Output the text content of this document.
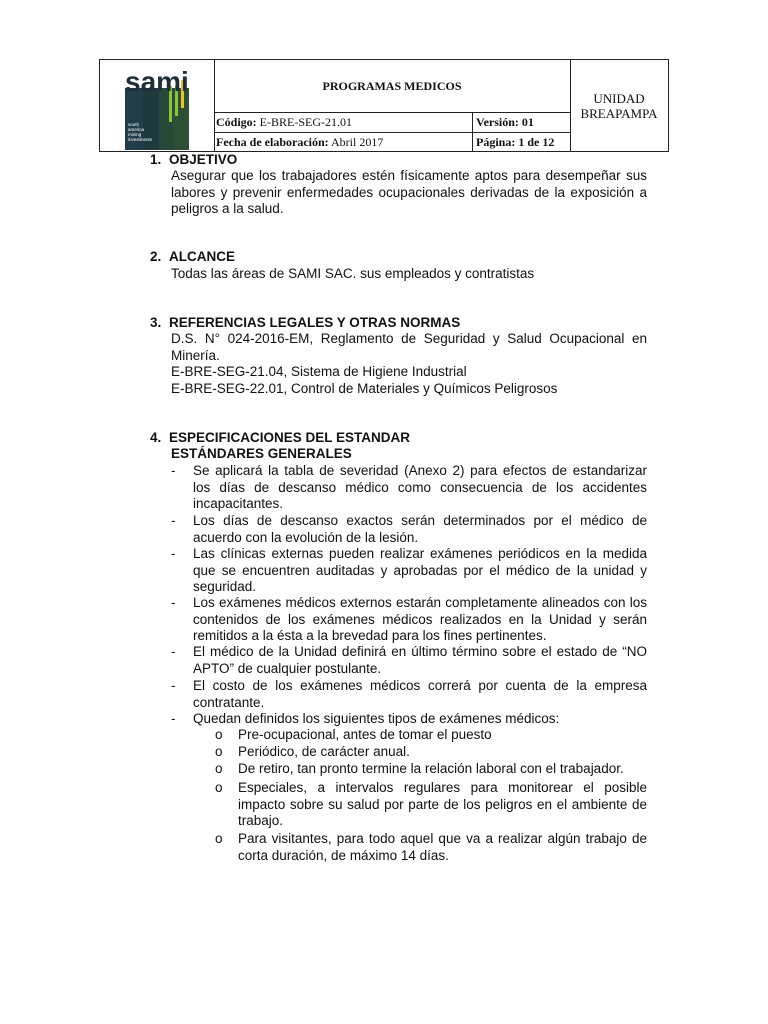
sami
south
america
mining
investments
PROGRAMAS MEDICOS
Código: E-BRE-SEG-21.01	Versión: 01
Fecha de elaboración: Abril 2017	Página: 1 de 12
UNIDAD
BREAPAMPA
1. OBJETIVO
Asegurar que los trabajadores estén físicamente aptos para desempeñar sus labores y prevenir enfermedades ocupacionales derivadas de la exposición a peligros a la salud.
2. ALCANCE
Todas las áreas de SAMI SAC. sus empleados y contratistas
3. REFERENCIAS LEGALES Y OTRAS NORMAS
D.S. N° 024-2016-EM, Reglamento de Seguridad y Salud Ocupacional en Minería.
E-BRE-SEG-21.04, Sistema de Higiene Industrial
E-BRE-SEG-22.01, Control de Materiales y Químicos Peligrosos
4. ESPECIFICACIONES DEL ESTANDAR
ESTÁNDARES GENERALES
- Se aplicará la tabla de severidad (Anexo 2) para efectos de estandarizar los días de descanso médico como consecuencia de los accidentes incapacitantes.
- Los días de descanso exactos serán determinados por el médico de acuerdo con la evolución de la lesión.
- Las clínicas externas pueden realizar exámenes periódicos en la medida que se encuentren auditadas y aprobadas por el médico de la unidad y seguridad.
- Los exámenes médicos externos estarán completamente alineados con los contenidos de los exámenes médicos realizados en la Unidad y serán remitidos a la ésta a la brevedad para los fines pertinentes.
- El médico de la Unidad definirá en último término sobre el estado de “NO APTO” de cualquier postulante.
- El costo de los exámenes médicos correrá por cuenta de la empresa contratante.
- Quedan definidos los siguientes tipos de exámenes médicos:
o Pre-ocupacional, antes de tomar el puesto
o Periódico, de carácter anual.
o De retiro, tan pronto termine la relación laboral con el trabajador.
o Especiales, a intervalos regulares para monitorear el posible impacto sobre su salud por parte de los peligros en el ambiente de trabajo.
o Para visitantes, para todo aquel que va a realizar algún trabajo de corta duración, de máximo 14 días.
